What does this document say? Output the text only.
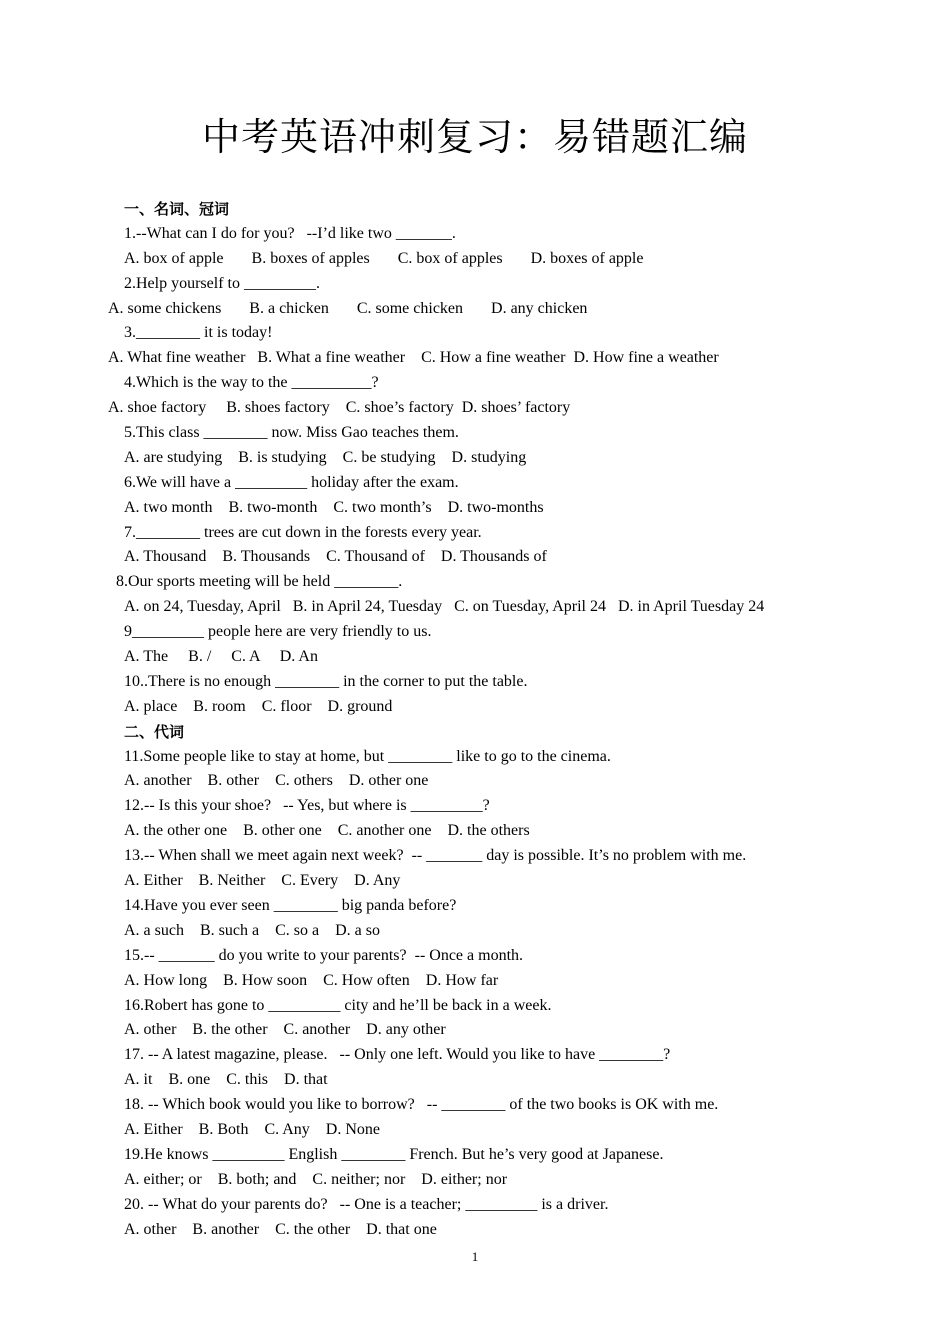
中考英语冲刺复习：易错题汇编
一、名词、冠词
1.--What can I do for you?   --I’d like two _______.
A. box of apple       B. boxes of apples       C. box of apples       D. boxes of apple
2.Help yourself to _________.
A. some chickens       B. a chicken       C. some chicken       D. any chicken
3.________ it is today!
A. What fine weather   B. What a fine weather    C. How a fine weather  D. How fine a weather
4.Which is the way to the __________?
A. shoe factory     B. shoes factory    C. shoe’s factory  D. shoes’ factory
5.This class ________ now. Miss Gao teaches them.
A. are studying    B. is studying    C. be studying    D. studying
6.We will have a _________ holiday after the exam.
A. two month    B. two-month    C. two month’s    D. two-months
7.________ trees are cut down in the forests every year.
A. Thousand    B. Thousands    C. Thousand of    D. Thousands of
8.Our sports meeting will be held ________.
A. on 24, Tuesday, April   B. in April 24, Tuesday   C. on Tuesday, April 24   D. in April Tuesday 24
9_________ people here are very friendly to us.
A. The     B. /     C. A     D. An
10..There is no enough ________ in the corner to put the table.
A. place    B. room    C. floor    D. ground
二、代词
11.Some people like to stay at home, but ________ like to go to the cinema.
A. another    B. other    C. others    D. other one
12.-- Is this your shoe?   -- Yes, but where is _________?
A. the other one    B. other one    C. another one    D. the others
13.-- When shall we meet again next week?  -- _______ day is possible. It’s no problem with me.
A. Either    B. Neither    C. Every    D. Any
14.Have you ever seen ________ big panda before?
A. a such    B. such a    C. so a    D. a so
15.-- _______ do you write to your parents?  -- Once a month.
A. How long    B. How soon    C. How often    D. How far
16.Robert has gone to _________ city and he’ll be back in a week.
A. other    B. the other    C. another    D. any other
17. -- A latest magazine, please.   -- Only one left. Would you like to have ________?
A. it    B. one    C. this    D. that
18. -- Which book would you like to borrow?   -- ________ of the two books is OK with me.
A. Either    B. Both    C. Any    D. None
19.He knows _________ English ________ French. But he’s very good at Japanese.
A. either; or    B. both; and    C. neither; nor    D. either; nor
20. -- What do your parents do?   -- One is a teacher; _________ is a driver.
A. other    B. another    C. the other    D. that one
1
